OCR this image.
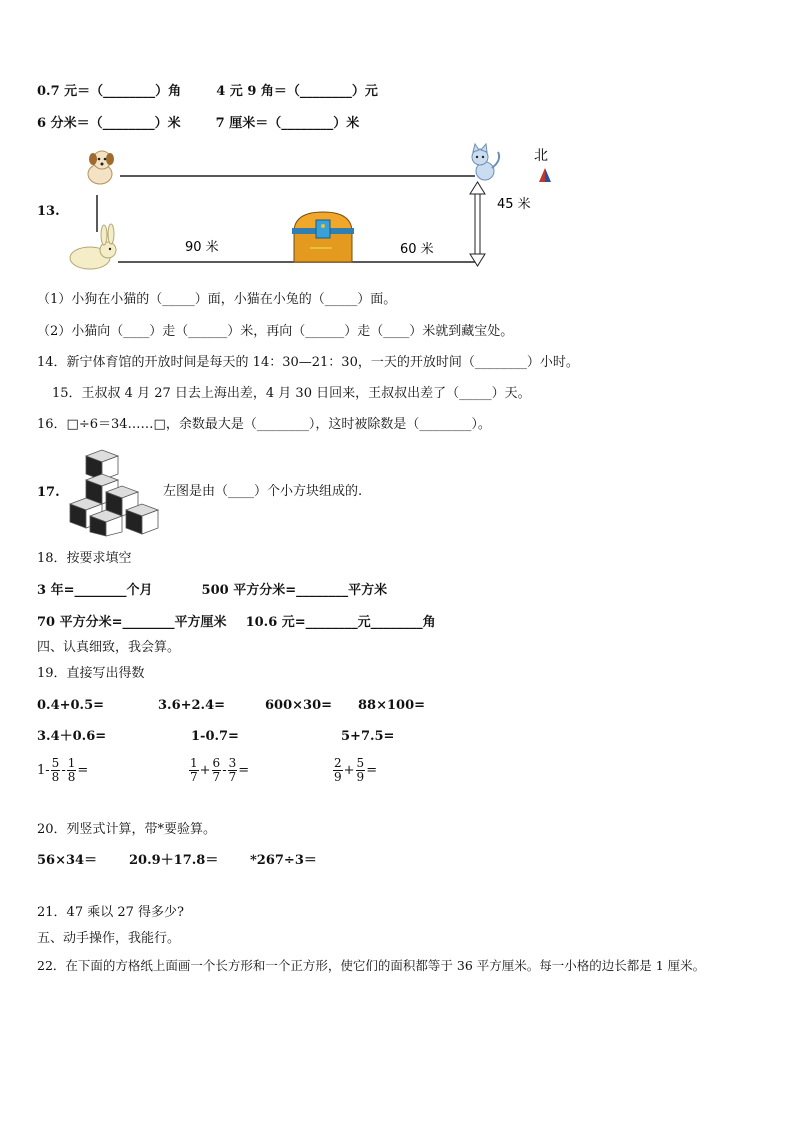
0.7 元＝（________）角	4 元 9 角＝（________）元
6 分米＝（________）米	7 厘米＝（________）米
13.	45 米
90 米	60 米
北
（1）小狗在小猫的（_____）面，小猫在小兔的（_____）面。
（2）小猫向（____）走（______）米，再向（______）走（____）米就到藏宝处。
14．新宁体育馆的开放时间是每天的 14：30—21：30，一天的开放时间（________）小时。
15．王叔叔 4 月 27 日去上海出差，4 月 30 日回来，王叔叔出差了（_____）天。
16．□÷6＝34……□，余数最大是（________），这时被除数是（________）。
17.	左图是由（____）个小方块组成的.
18．按要求填空
3 年=________个月	500 平方分米=________平方米
70 平方分米=________平方厘米 10.6 元=________元________角
四、认真细致，我会算。
19．直接写出得数
0.4+0.5=	3.6+2.4=	600×30= 88×100=
3.4＋0.6=	1-0.7=	5+7.5=
$1- \frac{5}{8} - \frac{1}{8}$ =	$\frac{1}{7} + \frac{6}{7} - \frac{3}{7}$ =	$\frac{2}{9} + \frac{5}{9}$ =
20．列竖式计算，带*要验算。
56×34＝ 20.9＋17.8＝ *267÷3＝
21．47 乘以 27 得多少?
五、动手操作，我能行。
22．在下面的方格纸上面画一个长方形和一个正方形，使它们的面积都等于 36 平方厘米。每一小格的边长都是 1 厘米。
